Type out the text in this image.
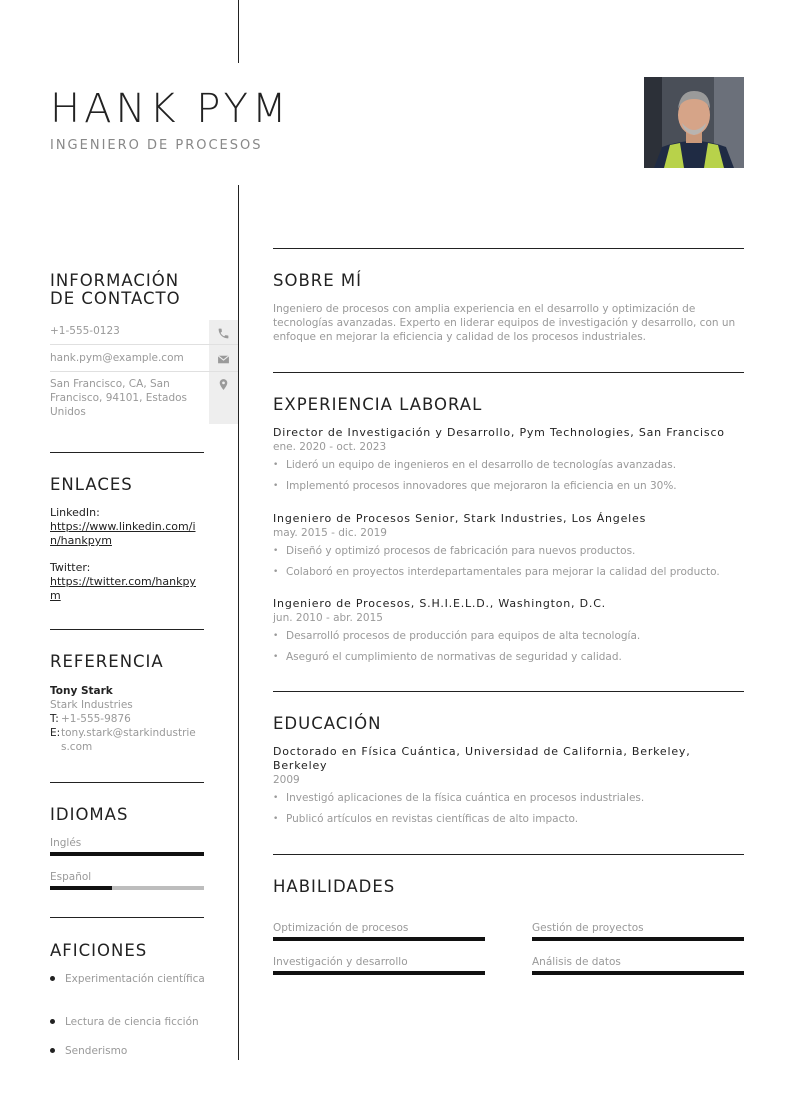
HANK PYM
INGENIERO DE PROCESOS
INFORMACIÓN
DE CONTACTO
+1-555-0123
hank.pym@example.com
San Francisco, CA, San Francisco, 94101, Estados Unidos
ENLACES
LinkedIn:
https://www.linkedin.com/in/hankpym
Twitter:
https://twitter.com/hankpym
REFERENCIA
Tony Stark
Stark Industries
T: +1-555-9876
E: tony.stark@starkindustries.com
IDIOMAS
Inglés
Español
AFICIONES
Experimentación científica
Lectura de ciencia ficción
Senderismo
SOBRE MÍ
Ingeniero de procesos con amplia experiencia en el desarrollo y optimización de tecnologías avanzadas. Experto en liderar equipos de investigación y desarrollo, con un enfoque en mejorar la eficiencia y calidad de los procesos industriales.
EXPERIENCIA LABORAL
Director de Investigación y Desarrollo, Pym Technologies, San Francisco
ene. 2020 - oct. 2023
• Lideró un equipo de ingenieros en el desarrollo de tecnologías avanzadas.
• Implementó procesos innovadores que mejoraron la eficiencia en un 30%.
Ingeniero de Procesos Senior, Stark Industries, Los Ángeles
may. 2015 - dic. 2019
• Diseñó y optimizó procesos de fabricación para nuevos productos.
• Colaboró en proyectos interdepartamentales para mejorar la calidad del producto.
Ingeniero de Procesos, S.H.I.E.L.D., Washington, D.C.
jun. 2010 - abr. 2015
• Desarrolló procesos de producción para equipos de alta tecnología.
• Aseguró el cumplimiento de normativas de seguridad y calidad.
EDUCACIÓN
Doctorado en Física Cuántica, Universidad de California, Berkeley, Berkeley
2009
• Investigó aplicaciones de la física cuántica en procesos industriales.
• Publicó artículos en revistas científicas de alto impacto.
HABILIDADES
Optimización de procesos	Gestión de proyectos
Investigación y desarrollo	Análisis de datos
